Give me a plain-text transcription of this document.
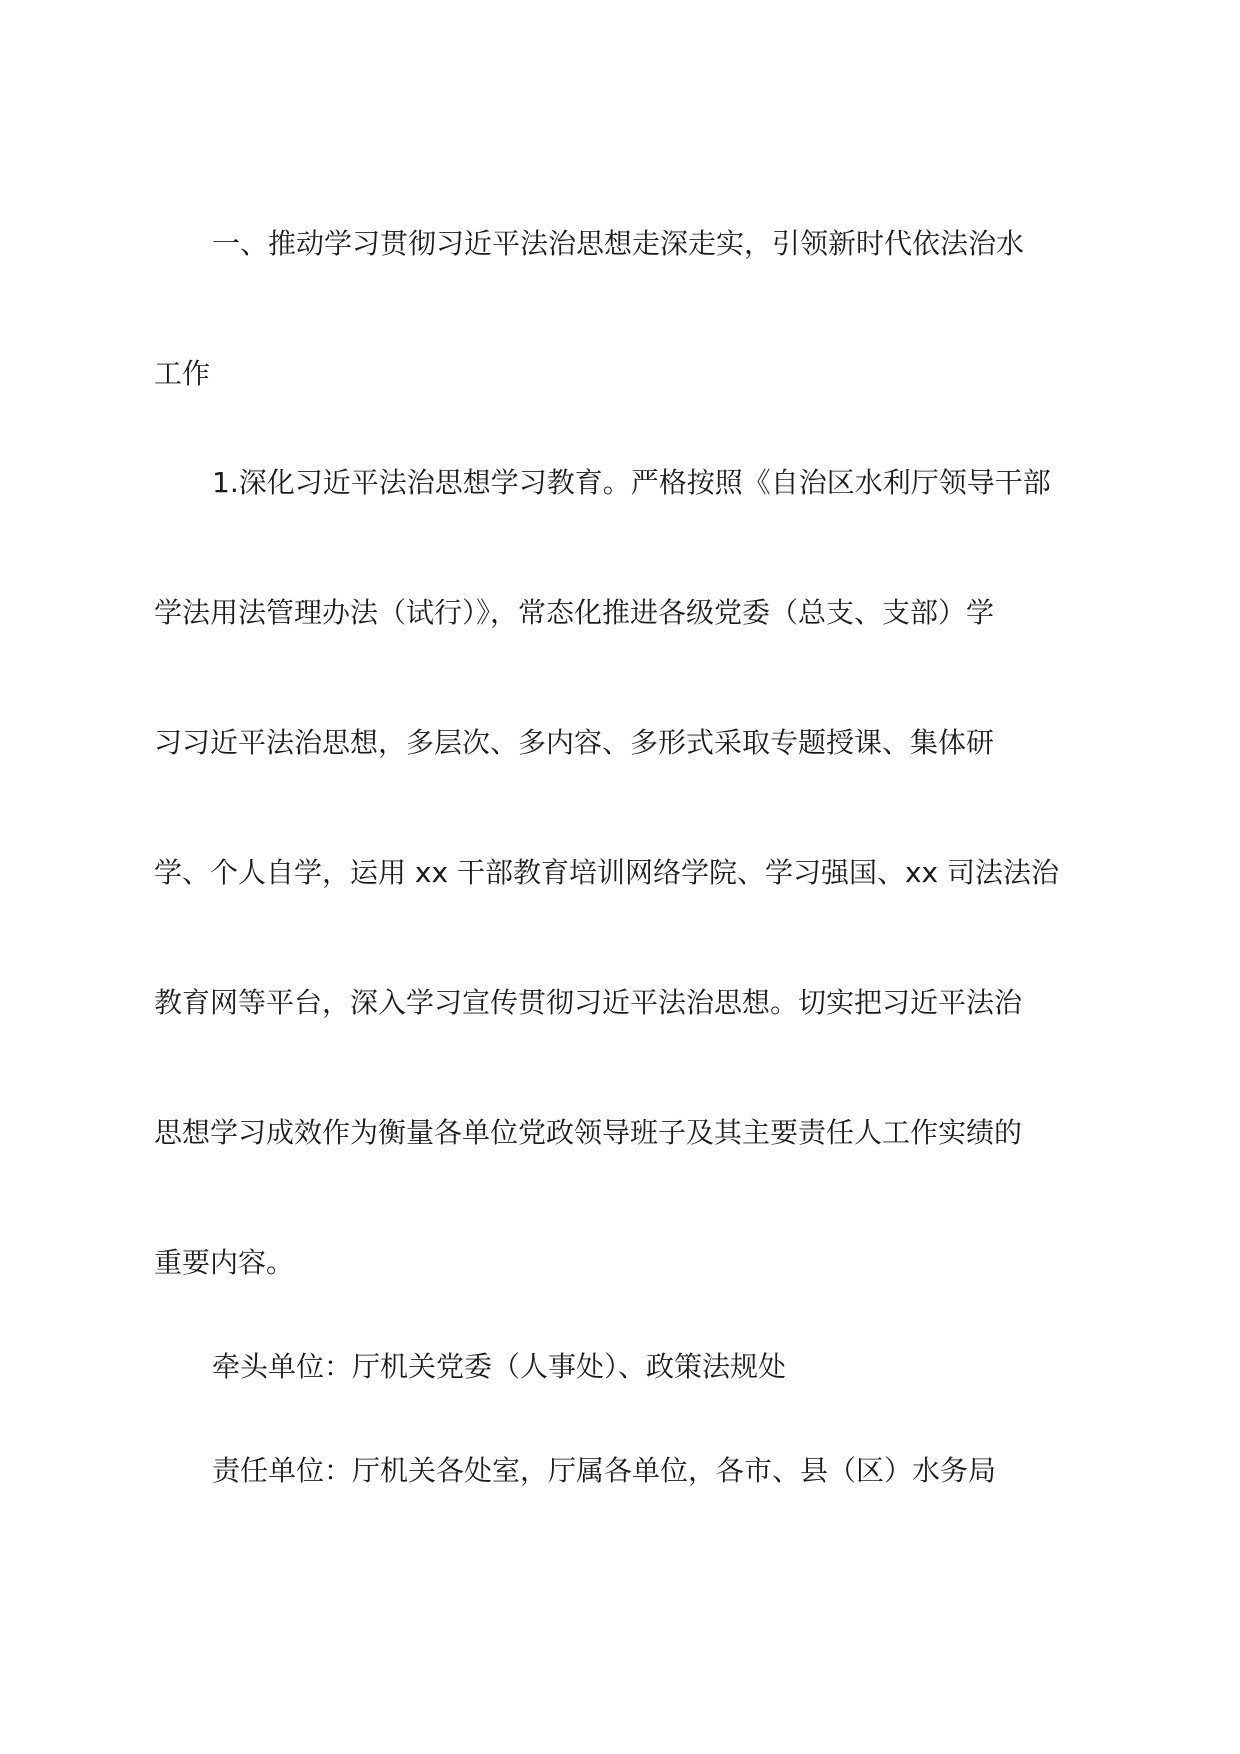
一、推动学习贯彻习近平法治思想走深走实，引领新时代依法治水
工作
1.深化习近平法治思想学习教育。严格按照《自治区水利厅领导干部
学法用法管理办法（试行）》，常态化推进各级党委（总支、支部）学
习习近平法治思想，多层次、多内容、多形式采取专题授课、集体研
学、个人自学，运用 xx 干部教育培训网络学院、学习强国、xx 司法法治
教育网等平台，深入学习宣传贯彻习近平法治思想。切实把习近平法治
思想学习成效作为衡量各单位党政领导班子及其主要责任人工作实绩的
重要内容。
牵头单位：厅机关党委（人事处）、政策法规处
责任单位：厅机关各处室，厅属各单位，各市、县（区）水务局
